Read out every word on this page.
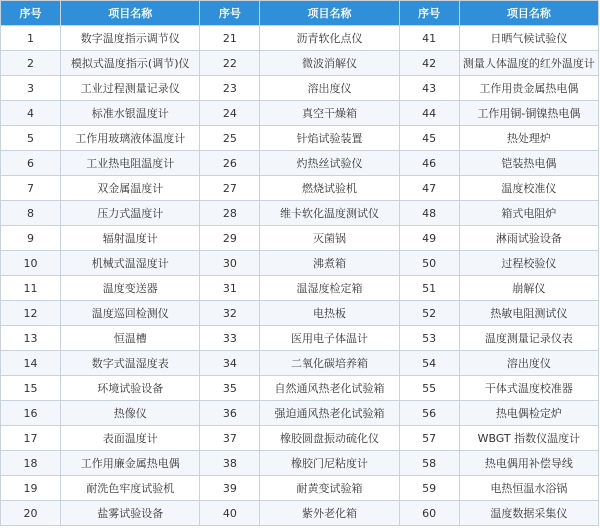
序号	项目名称	序号	项目名称	序号	项目名称
1	数字温度指示调节仪	21	沥青软化点仪	41	日晒气候试验仪
2	模拟式温度指示(调节)仪	22	微波消解仪	42	测量人体温度的红外温度计
3	工业过程测量记录仪	23	溶出度仪	43	工作用贵金属热电偶
4	标准水银温度计	24	真空干燥箱	44	工作用铜-铜镍热电偶
5	工作用玻璃液体温度计	25	针焰试验装置	45	热处理炉
6	工业热电阻温度计	26	灼热丝试验仪	46	铠装热电偶
7	双金属温度计	27	燃烧试验机	47	温度校准仪
8	压力式温度计	28	维卡软化温度测试仪	48	箱式电阻炉
9	辐射温度计	29	灭菌锅	49	淋雨试验设备
10	机械式温湿度计	30	沸煮箱	50	过程校验仪
11	温度变送器	31	温湿度检定箱	51	崩解仪
12	温度巡回检测仪	32	电热板	52	热敏电阻测试仪
13	恒温槽	33	医用电子体温计	53	温度测量记录仪表
14	数字式温湿度表	34	二氧化碳培养箱	54	溶出度仪
15	环境试验设备	35	自然通风热老化试验箱	55	干体式温度校准器
16	热像仪	36	强迫通风热老化试验箱	56	热电偶检定炉
17	表面温度计	37	橡胶圆盘振动硫化仪	57	WBGT 指数仪温度计
18	工作用廉金属热电偶	38	橡胶门尼粘度计	58	热电偶用补偿导线
19	耐洗色牢度试验机	39	耐黄变试验箱	59	电热恒温水浴锅
20	盐雾试验设备	40	紫外老化箱	60	温度数据采集仪
